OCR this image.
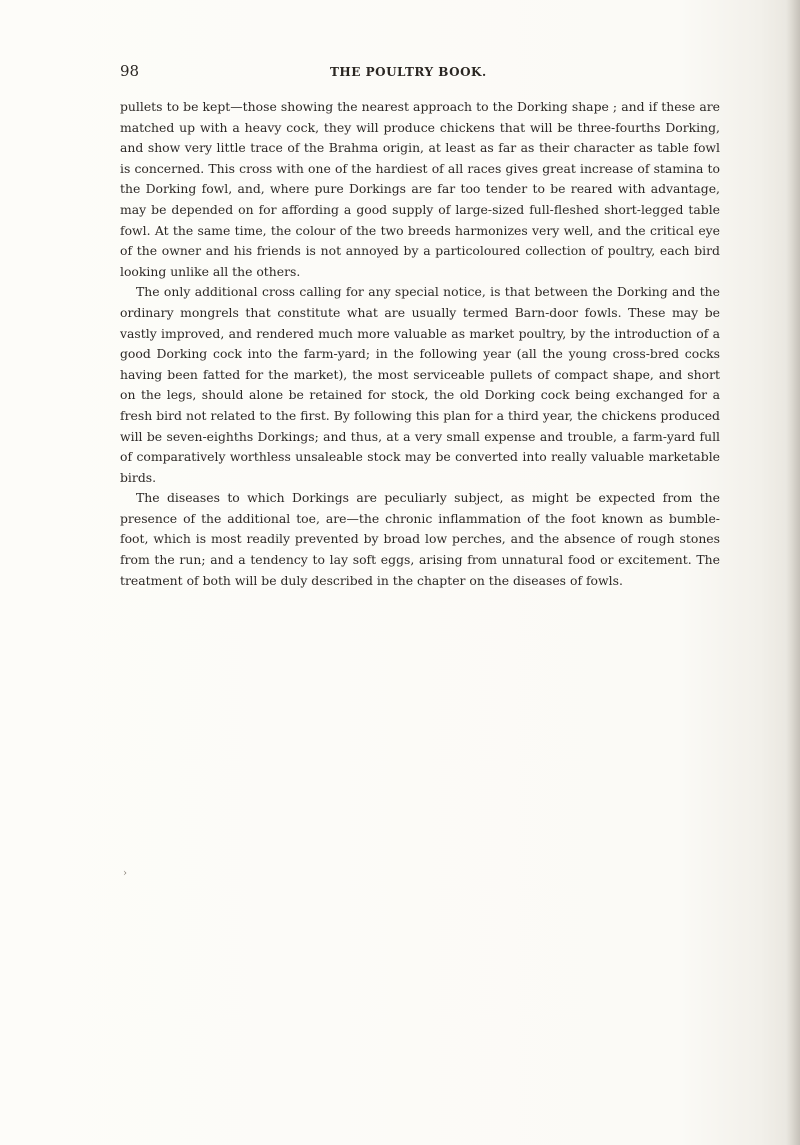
98	THE POULTRY BOOK.

pullets to be kept—those showing the nearest approach to the Dorking shape ; and if these are matched up with a heavy cock, they will produce chickens that will be three-fourths Dorking, and show very little trace of the Brahma origin, at least as far as their character as table fowl is concerned. This cross with one of the hardiest of all races gives great increase of stamina to the Dorking fowl, and, where pure Dorkings are far too tender to be reared with advantage, may be depended on for affording a good supply of large-sized full-fleshed short-legged table fowl. At the same time, the colour of the two breeds harmonizes very well, and the critical eye of the owner and his friends is not annoyed by a particoloured collection of poultry, each bird looking unlike all the others.

The only additional cross calling for any special notice, is that between the Dorking and the ordinary mongrels that constitute what are usually termed Barn-door fowls. These may be vastly improved, and rendered much more valuable as market poultry, by the introduction of a good Dorking cock into the farm-yard; in the following year (all the young cross-bred cocks having been fatted for the market), the most serviceable pullets of compact shape, and short on the legs, should alone be retained for stock, the old Dorking cock being exchanged for a fresh bird not related to the first. By following this plan for a third year, the chickens produced will be seven-eighths Dorkings; and thus, at a very small expense and trouble, a farm-yard full of comparatively worthless unsaleable stock may be converted into really valuable marketable birds.

The diseases to which Dorkings are peculiarly subject, as might be expected from the presence of the additional toe, are—the chronic inflammation of the foot known as bumble-foot, which is most readily prevented by broad low perches, and the absence of rough stones from the run; and a tendency to lay soft eggs, arising from unnatural food or excitement. The treatment of both will be duly described in the chapter on the diseases of fowls.

›
